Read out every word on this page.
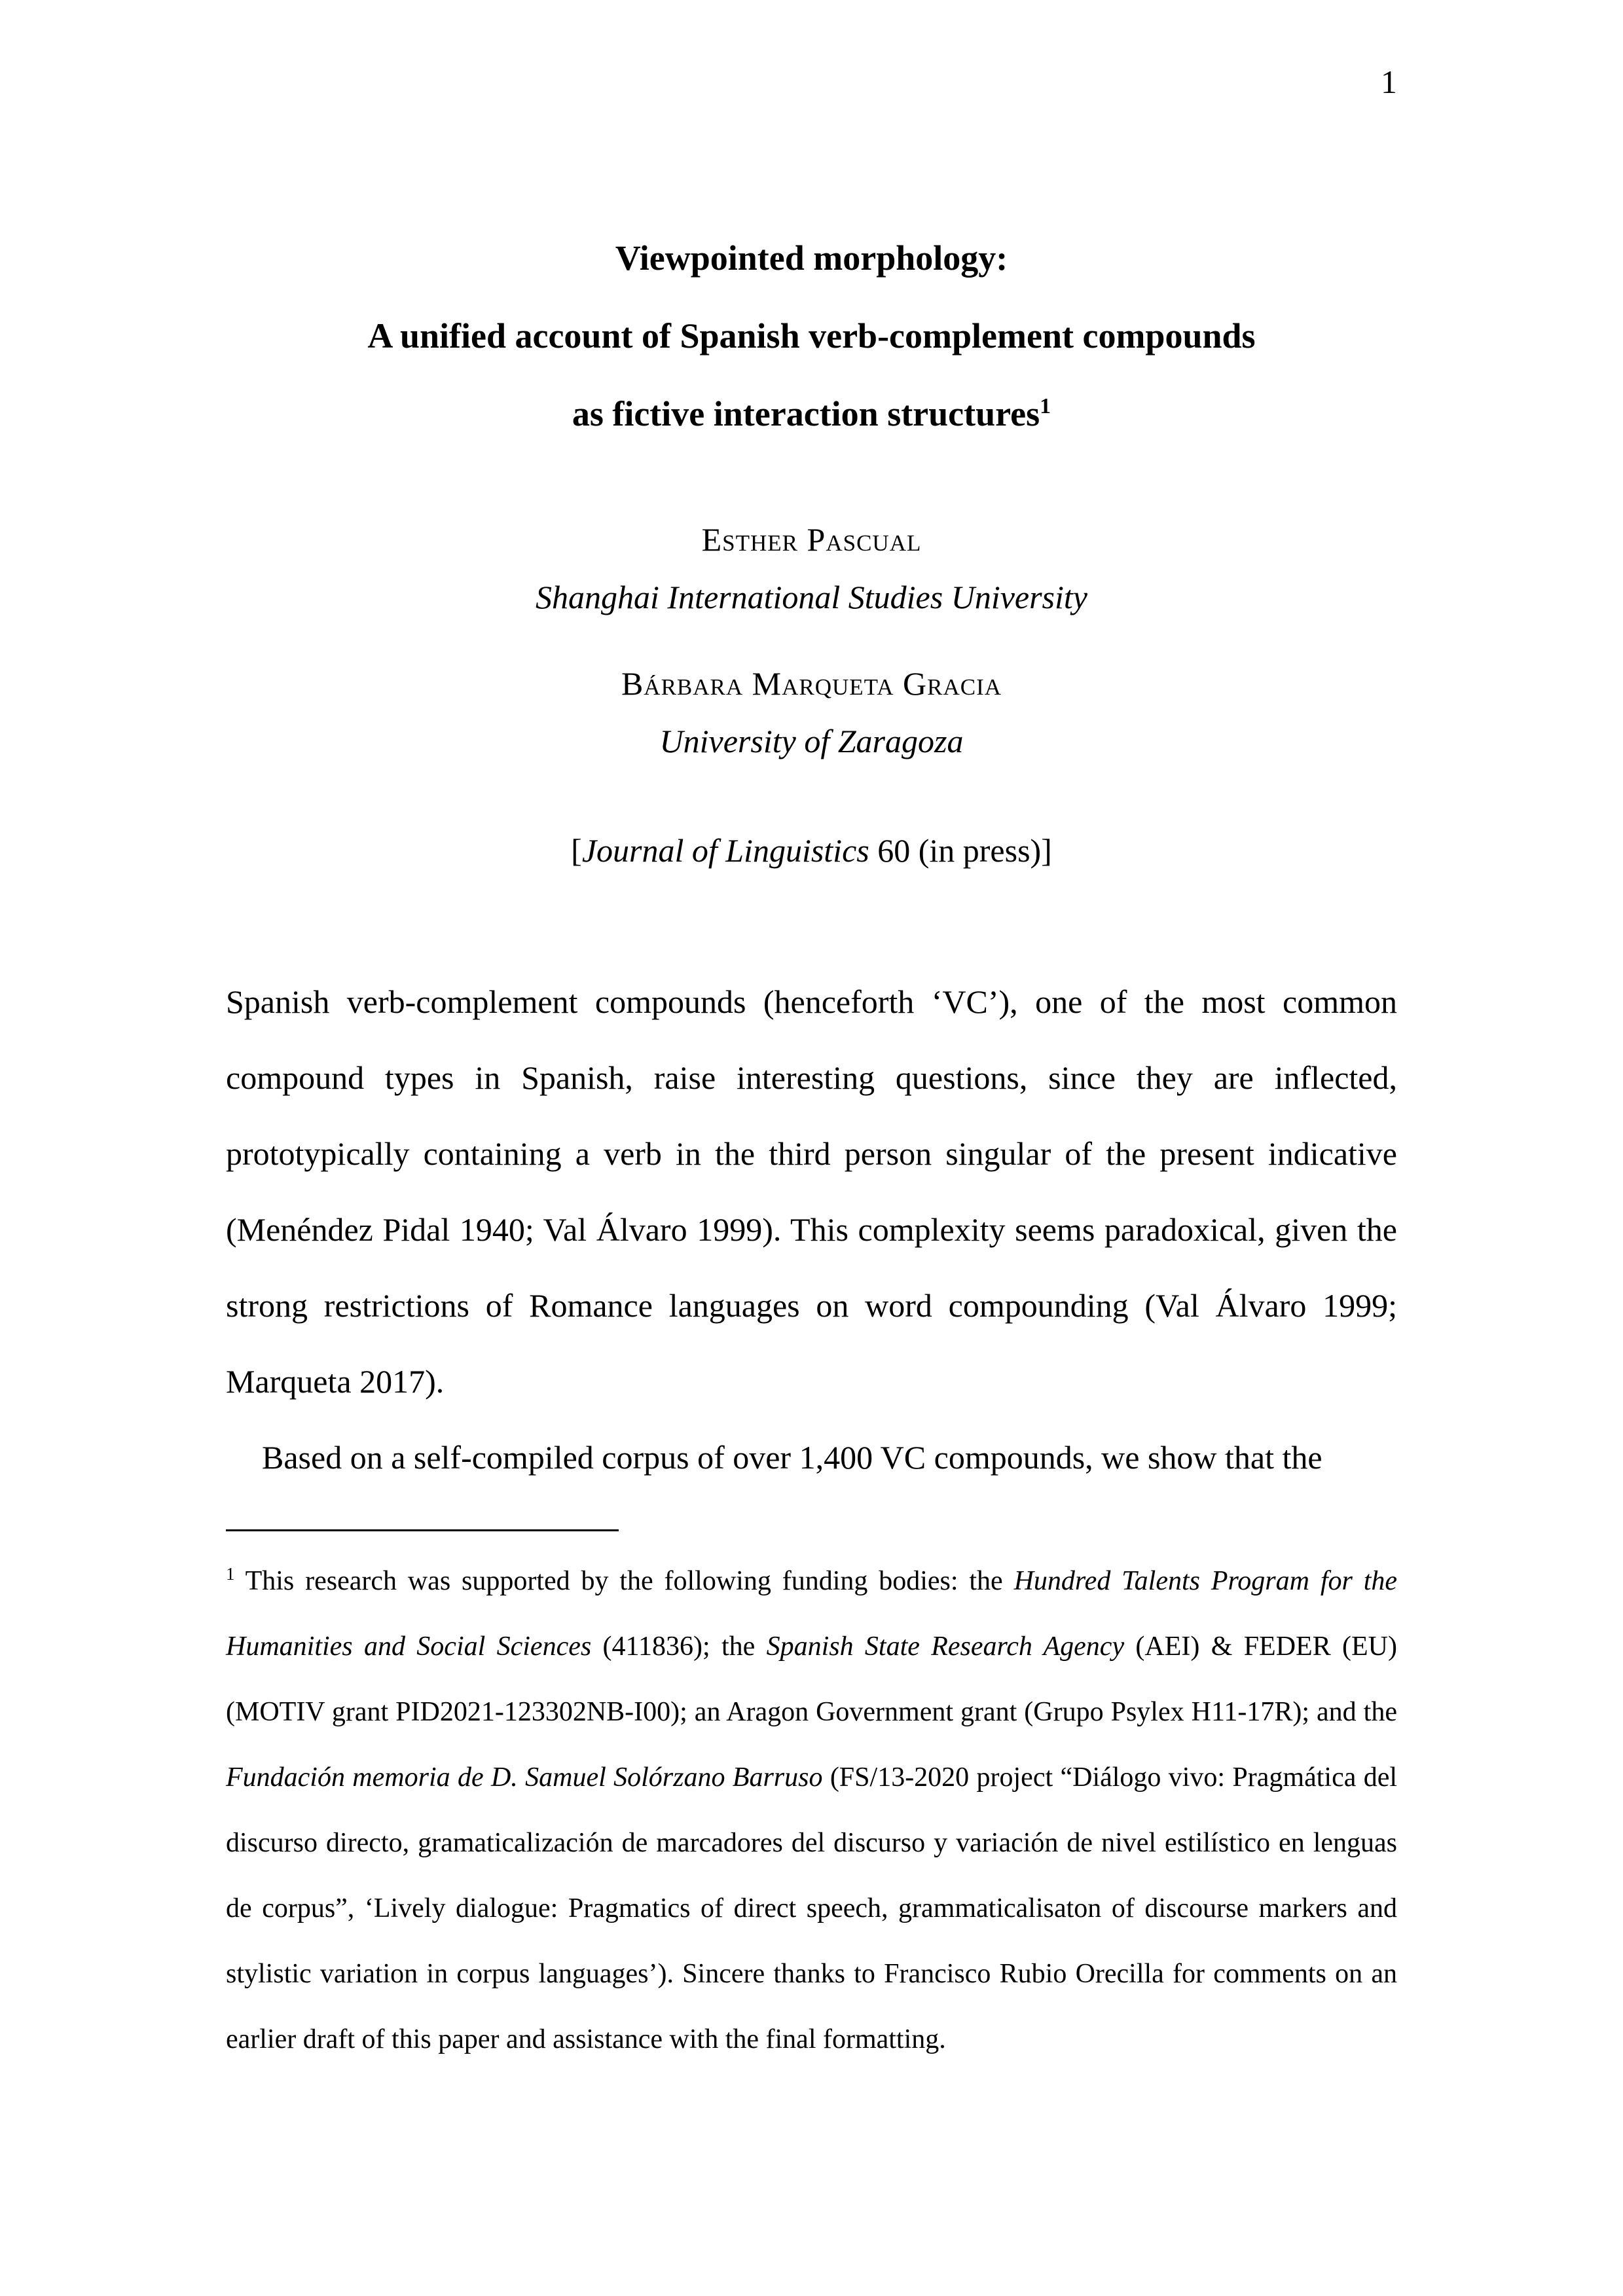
1
Viewpointed morphology:
A unified account of Spanish verb-complement compounds
as fictive interaction structures$^1$
Esther Pascual
Shanghai International Studies University
Bárbara Marqueta Gracia
University of Zaragoza
[Journal of Linguistics 60 (in press)]

Spanish verb-complement compounds (henceforth ‘VC’), one of the most common compound types in Spanish, raise interesting questions, since they are inflected, prototypically containing a verb in the third person singular of the present indicative (Menéndez Pidal 1940; Val Álvaro 1999). This complexity seems paradoxical, given the strong restrictions of Romance languages on word compounding (Val Álvaro 1999; Marqueta 2017).

Based on a self-compiled corpus of over 1,400 VC compounds, we show that the

$^1$ This research was supported by the following funding bodies: the Hundred Talents Program for the Humanities and Social Sciences (411836); the Spanish State Research Agency (AEI) & FEDER (EU) (MOTIV grant PID2021-123302NB-I00); an Aragon Government grant (Grupo Psylex H11-17R); and the Fundación memoria de D. Samuel Solórzano Barruso (FS/13-2020 project “Diálogo vivo: Pragmática del discurso directo, gramaticalización de marcadores del discurso y variación de nivel estilístico en lenguas de corpus”, ‘Lively dialogue: Pragmatics of direct speech, grammaticalisaton of discourse markers and stylistic variation in corpus languages’). Sincere thanks to Francisco Rubio Orecilla for comments on an earlier draft of this paper and assistance with the final formatting.
